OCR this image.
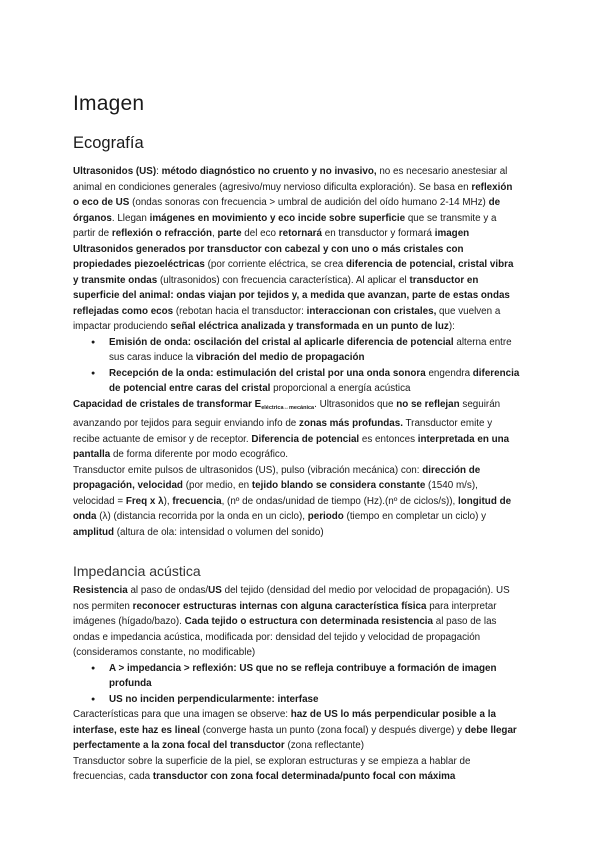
Imagen
Ecografía

Ultrasonidos (US): método diagnóstico no cruento y no invasivo, no es necesario anestesiar al animal en condiciones generales (agresivo/muy nervioso dificulta exploración). Se basa en reflexión o eco de US (ondas sonoras con frecuencia > umbral de audición del oído humano 2-14 MHz) de órganos. Llegan imágenes en movimiento y eco incide sobre superficie que se transmite y a partir de reflexión o refracción, parte del eco retornará en transductor y formará imagen

Ultrasonidos generados por transductor con cabezal y con uno o más cristales con propiedades piezoeléctricas (por corriente eléctrica, se crea diferencia de potencial, cristal vibra y transmite ondas (ultrasonidos) con frecuencia característica). Al aplicar el transductor en superficie del animal: ondas viajan por tejidos y, a medida que avanzan, parte de estas ondas reflejadas como ecos (rebotan hacia el transductor: interaccionan con cristales, que vuelven a impactar produciendo señal eléctrica analizada y transformada en un punto de luz):

● Emisión de onda: oscilación del cristal al aplicarle diferencia de potencial alterna entre sus caras induce la vibración del medio de propagación
● Recepción de la onda: estimulación del cristal por una onda sonora engendra diferencia de potencial entre caras del cristal proporcional a energía acústica

Capacidad de cristales de transformar $E_{eléctrica\leftrightarrow mecánica}$. Ultrasonidos que no se reflejan seguirán avanzando por tejidos para seguir enviando info de zonas más profundas. Transductor emite y recibe actuante de emisor y de receptor. Diferencia de potencial es entonces interpretada en una pantalla de forma diferente por modo ecográfico.

Transductor emite pulsos de ultrasonidos (US), pulso (vibración mecánica) con: dirección de propagación, velocidad (por medio, en tejido blando se considera constante (1540 m/s), velocidad = Freq x λ), frecuencia, (nº de ondas/unidad de tiempo (Hz).(nº de ciclos/s)), longitud de onda (λ) (distancia recorrida por la onda en un ciclo), periodo (tiempo en completar un ciclo) y amplitud (altura de ola: intensidad o volumen del sonido)

Impedancia acústica

Resistencia al paso de ondas/US del tejido (densidad del medio por velocidad de propagación). US nos permiten reconocer estructuras internas con alguna característica física para interpretar imágenes (hígado/bazo). Cada tejido o estructura con determinada resistencia al paso de las ondas e impedancia acústica, modificada por: densidad del tejido y velocidad de propagación (consideramos constante, no modificable)

● A > impedancia > reflexión: US que no se refleja contribuye a formación de imagen profunda
● US no inciden perpendicularmente: interfase

Características para que una imagen se observe: haz de US lo más perpendicular posible a la interfase, este haz es lineal (converge hasta un punto (zona focal) y después diverge) y debe llegar perfectamente a la zona focal del transductor (zona reflectante)

Transductor sobre la superficie de la piel, se exploran estructuras y se empieza a hablar de frecuencias, cada transductor con zona focal determinada/punto focal con máxima
